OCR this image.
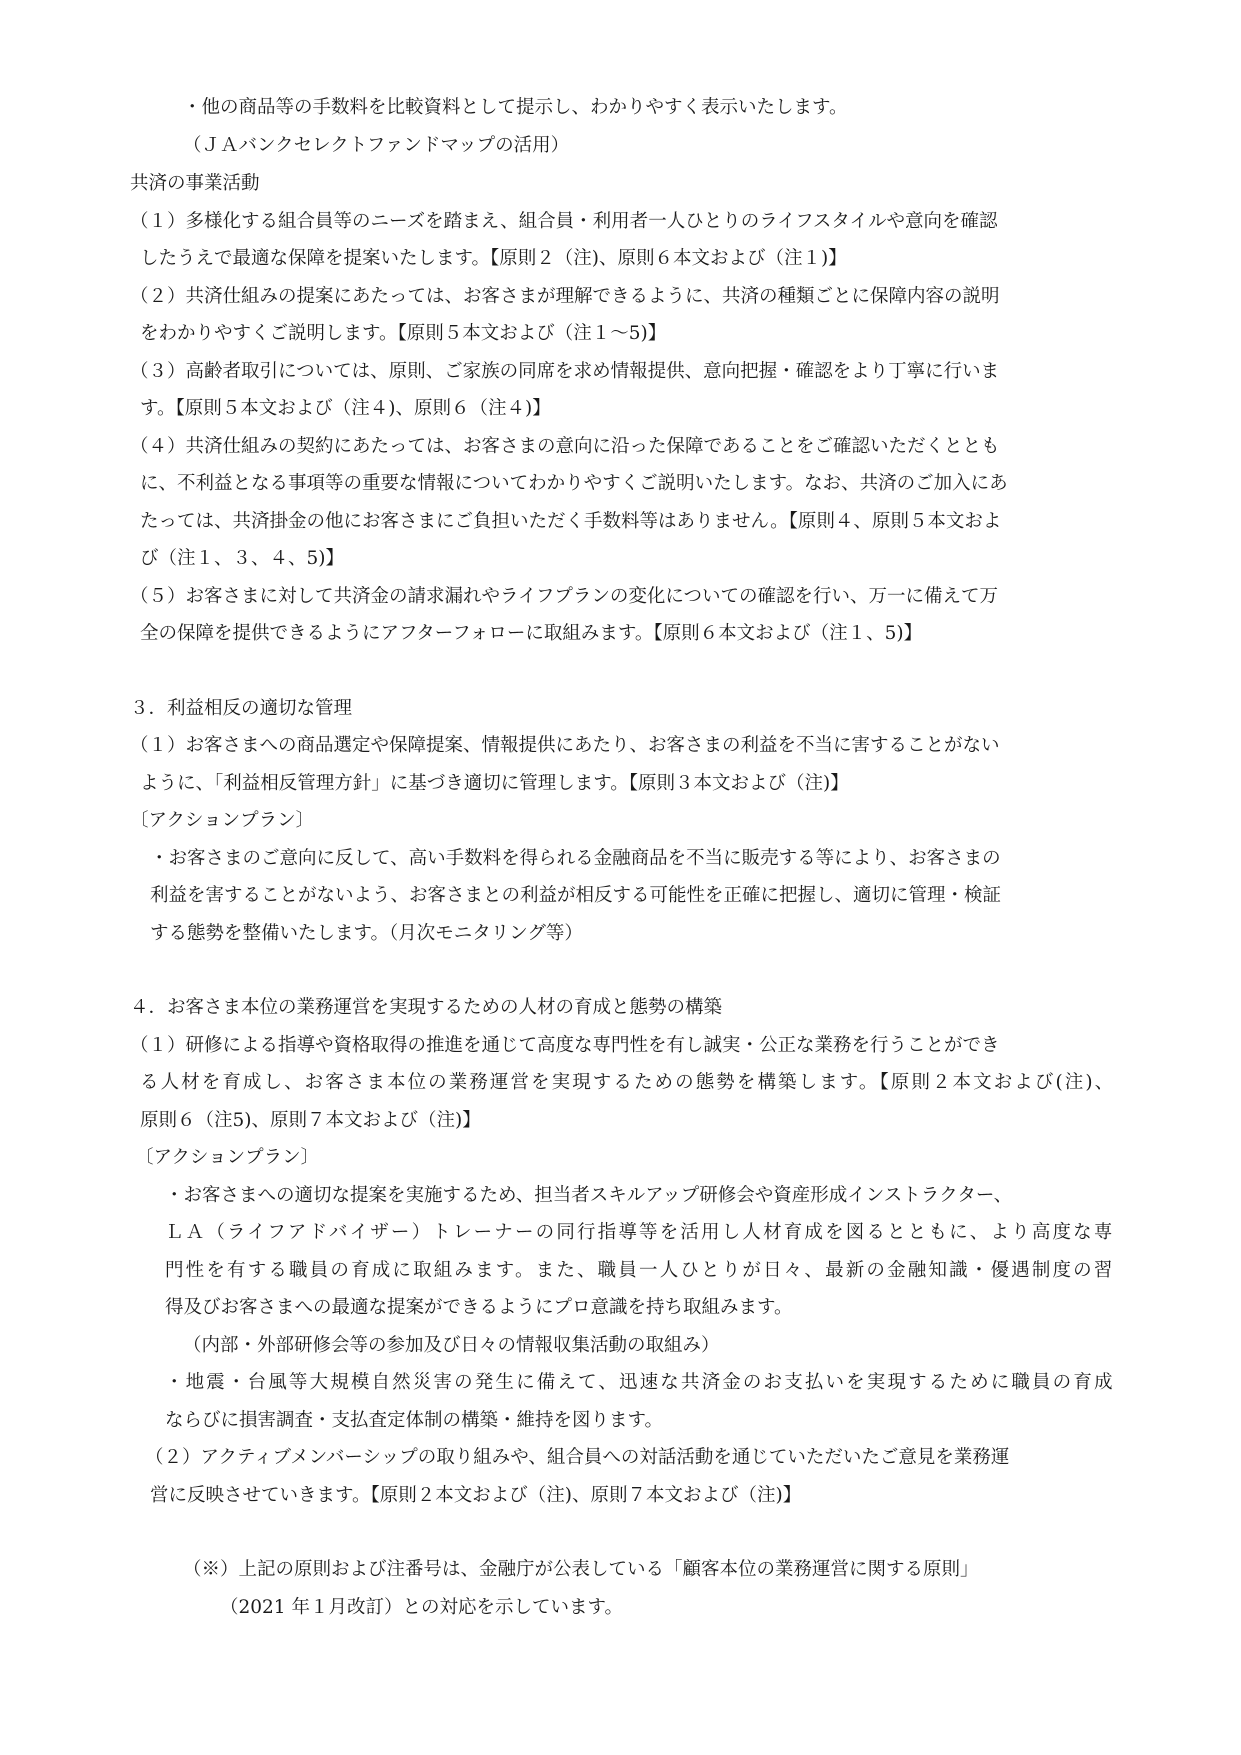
・他の商品等の手数料を比較資料として提示し、わかりやすく表示いたします。
（ＪＡバンクセレクトファンドマップの活用）
共済の事業活動
（１）多様化する組合員等のニーズを踏まえ、組合員・利用者一人ひとりのライフスタイルや意向を確認
したうえで最適な保障を提案いたします。【原則２（注)、原則６本文および（注１)】
（２）共済仕組みの提案にあたっては、お客さまが理解できるように、共済の種類ごとに保障内容の説明
をわかりやすくご説明します。【原則５本文および（注１〜5)】
（３）高齢者取引については、原則、ご家族の同席を求め情報提供、意向把握・確認をより丁寧に行いま
す。【原則５本文および（注４)、原則６（注４)】
（４）共済仕組みの契約にあたっては、お客さまの意向に沿った保障であることをご確認いただくととも
に、不利益となる事項等の重要な情報についてわかりやすくご説明いたします。なお、共済のご加入にあ
たっては、共済掛金の他にお客さまにご負担いただく手数料等はありません。【原則４、原則５本文およ
び（注１、３、４、5)】
（５）お客さまに対して共済金の請求漏れやライフプランの変化についての確認を行い、万一に備えて万
全の保障を提供できるようにアフターフォローに取組みます。【原則６本文および（注１、5)】
３．利益相反の適切な管理
（１）お客さまへの商品選定や保障提案、情報提供にあたり、お客さまの利益を不当に害することがない
ように、「利益相反管理方針」に基づき適切に管理します。【原則３本文および（注)】
〔アクションプラン〕
・お客さまのご意向に反して、高い手数料を得られる金融商品を不当に販売する等により、お客さまの
利益を害することがないよう、お客さまとの利益が相反する可能性を正確に把握し、適切に管理・検証
する態勢を整備いたします。（月次モニタリング等）
４．お客さま本位の業務運営を実現するための人材の育成と態勢の構築
（１）研修による指導や資格取得の推進を通じて高度な専門性を有し誠実・公正な業務を行うことができ
る人材を育成し、お客さま本位の業務運営を実現するための態勢を構築します。【原則２本文および(注)、
原則６（注5)、原則７本文および（注)】
〔アクションプラン〕
・お客さまへの適切な提案を実施するため、担当者スキルアップ研修会や資産形成インストラクター、
ＬＡ（ライフアドバイザー）トレーナーの同行指導等を活用し人材育成を図るとともに、より高度な専
門性を有する職員の育成に取組みます。また、職員一人ひとりが日々、最新の金融知識・優遇制度の習
得及びお客さまへの最適な提案ができるようにプロ意識を持ち取組みます。
（内部・外部研修会等の参加及び日々の情報収集活動の取組み）
・地震・台風等大規模自然災害の発生に備えて、迅速な共済金のお支払いを実現するために職員の育成
ならびに損害調査・支払査定体制の構築・維持を図ります。
（２）アクティブメンバーシップの取り組みや、組合員への対話活動を通じていただいたご意見を業務運
営に反映させていきます。【原則２本文および（注)、原則７本文および（注)】
（※）上記の原則および注番号は、金融庁が公表している「顧客本位の業務運営に関する原則」
（2021 年１月改訂）との対応を示しています。
